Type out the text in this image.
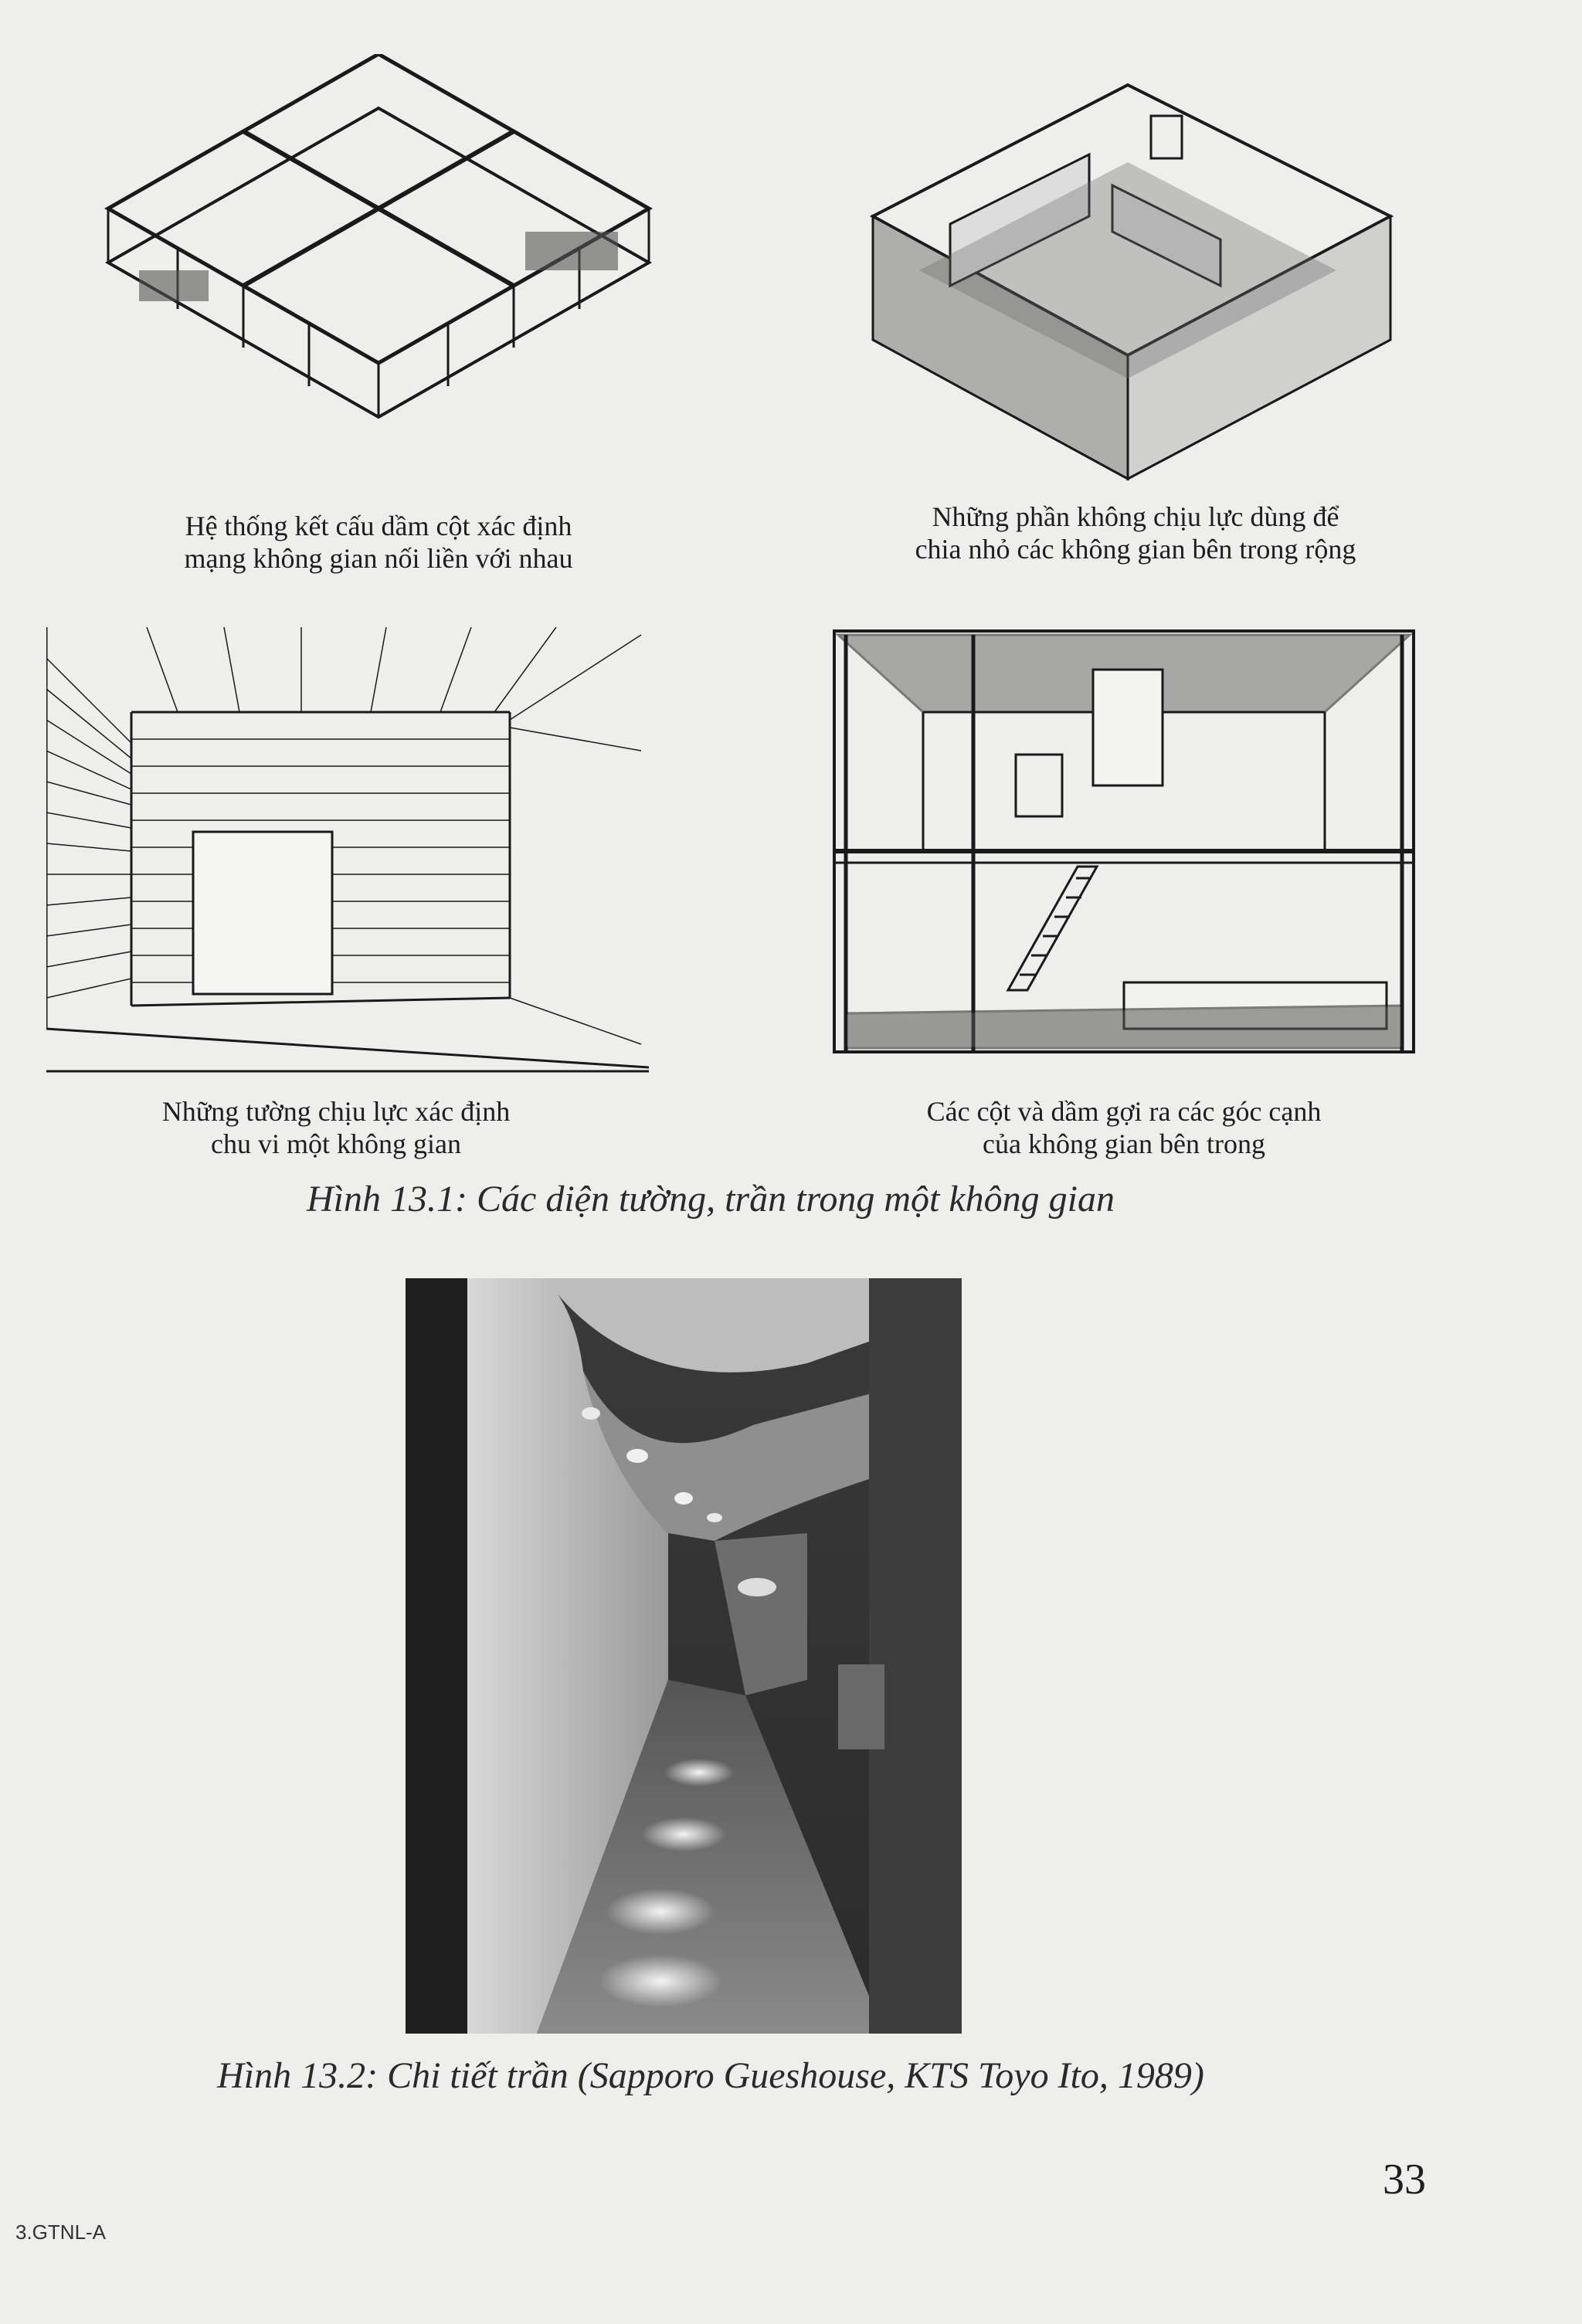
Hệ thống kết cấu dầm cột xác định
mạng không gian nối liền với nhau
Những phần không chịu lực dùng để
chia nhỏ các không gian bên trong rộng
Những tường chịu lực xác định
chu vi một không gian
Các cột và dầm gợi ra các góc cạnh
của không gian bên trong
Hình 13.1: Các diện tường, trần trong một không gian
Hình 13.2: Chi tiết trần (Sapporo Gueshouse, KTS Toyo Ito, 1989)
33
3.GTNL-A
